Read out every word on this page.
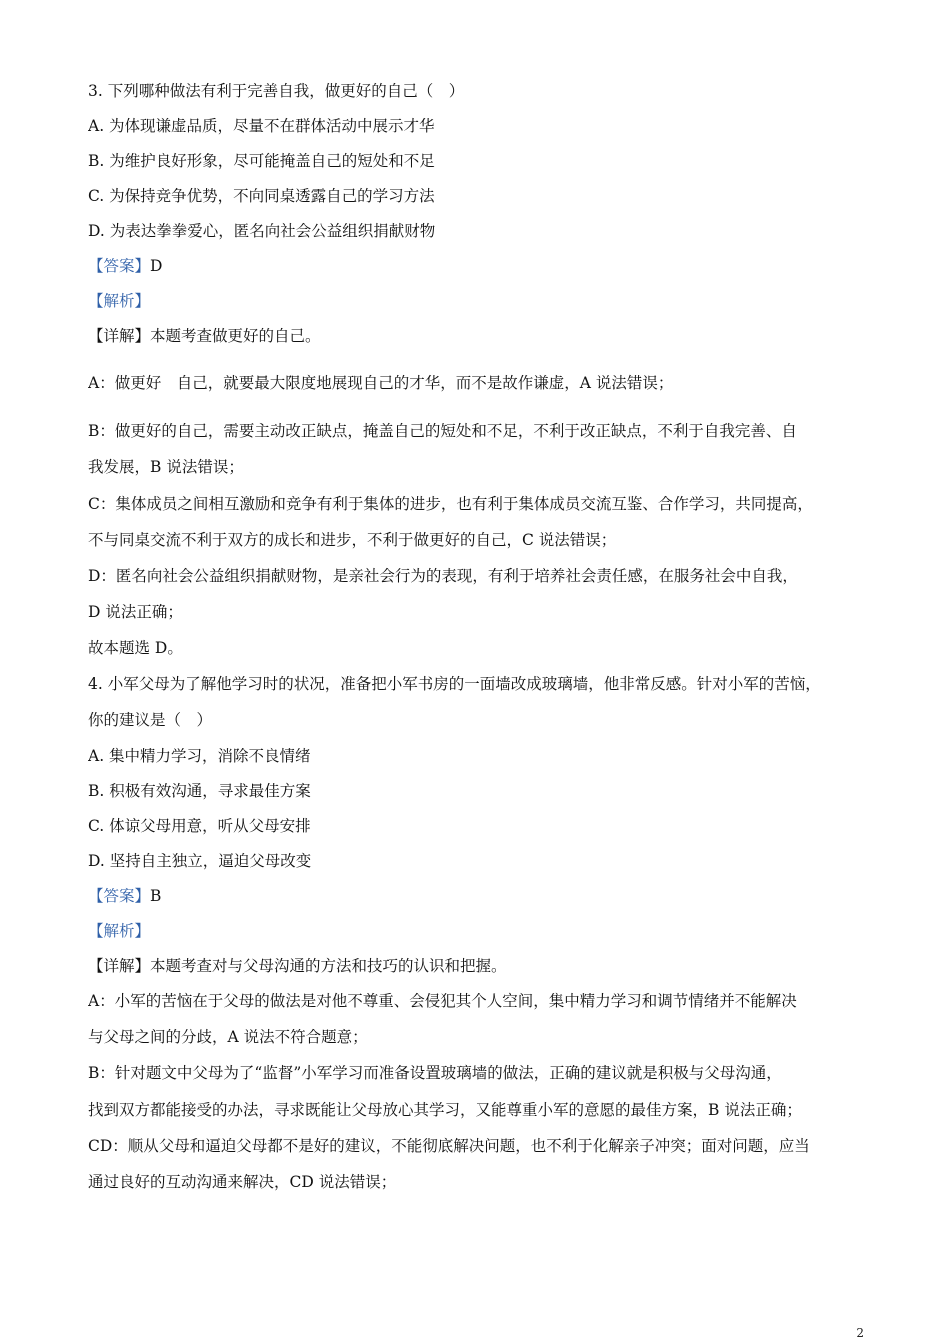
3. 下列哪种做法有利于完善自我，做更好的自己（　）
A. 为体现谦虚品质，尽量不在群体活动中展示才华
B. 为维护良好形象，尽可能掩盖自己的短处和不足
C. 为保持竞争优势，不向同桌透露自己的学习方法
D. 为表达拳拳爱心，匿名向社会公益组织捐献财物
【答案】D
【解析】
【详解】本题考查做更好的自己。
A：做更好　自己，就要最大限度地展现自己的才华，而不是故作谦虚，A 说法错误；
B：做更好的自己，需要主动改正缺点，掩盖自己的短处和不足，不利于改正缺点，不利于自我完善、自
我发展，B 说法错误；
C：集体成员之间相互激励和竞争有利于集体的进步，也有利于集体成员交流互鉴、合作学习，共同提高，
不与同桌交流不利于双方的成长和进步，不利于做更好的自己，C 说法错误；
D：匿名向社会公益组织捐献财物，是亲社会行为的表现，有利于培养社会责任感，在服务社会中自我，
D 说法正确；
故本题选 D。
4. 小军父母为了解他学习时的状况，准备把小军书房的一面墙改成玻璃墙，他非常反感。针对小军的苦恼，
你的建议是（　）
A. 集中精力学习，消除不良情绪
B. 积极有效沟通，寻求最佳方案
C. 体谅父母用意，听从父母安排
D. 坚持自主独立，逼迫父母改变
【答案】B
【解析】
【详解】本题考查对与父母沟通的方法和技巧的认识和把握。
A：小军的苦恼在于父母的做法是对他不尊重、会侵犯其个人空间，集中精力学习和调节情绪并不能解决
与父母之间的分歧，A 说法不符合题意；
B：针对题文中父母为了“监督”小军学习而准备设置玻璃墙的做法，正确的建议就是积极与父母沟通，
找到双方都能接受的办法，寻求既能让父母放心其学习，又能尊重小军的意愿的最佳方案，B 说法正确；
CD：顺从父母和逼迫父母都不是好的建议，不能彻底解决问题，也不利于化解亲子冲突；面对问题，应当
通过良好的互动沟通来解决，CD 说法错误；
2
